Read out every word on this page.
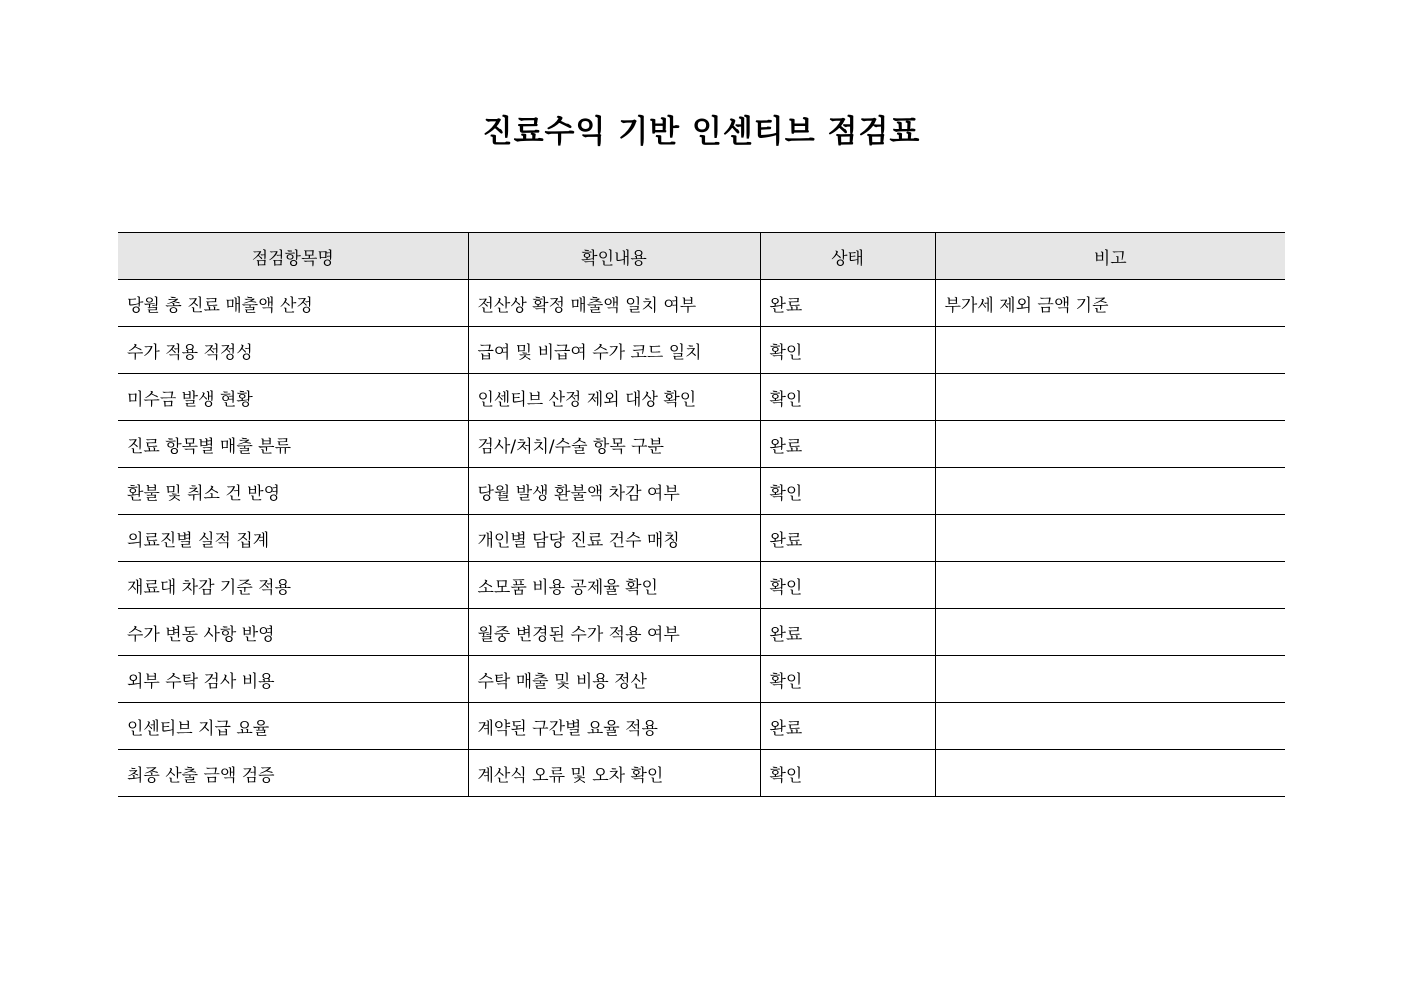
진료수익 기반 인센티브 점검표
점검항목명	확인내용	상태	비고
당월 총 진료 매출액 산정	전산상 확정 매출액 일치 여부	완료	부가세 제외 금액 기준
수가 적용 적정성	급여 및 비급여 수가 코드 일치	확인	
미수금 발생 현황	인센티브 산정 제외 대상 확인	확인	
진료 항목별 매출 분류	검사/처치/수술 항목 구분	완료	
환불 및 취소 건 반영	당월 발생 환불액 차감 여부	확인	
의료진별 실적 집계	개인별 담당 진료 건수 매칭	완료	
재료대 차감 기준 적용	소모품 비용 공제율 확인	확인	
수가 변동 사항 반영	월중 변경된 수가 적용 여부	완료	
외부 수탁 검사 비용	수탁 매출 및 비용 정산	확인	
인센티브 지급 요율	계약된 구간별 요율 적용	완료	
최종 산출 금액 검증	계산식 오류 및 오차 확인	확인	
